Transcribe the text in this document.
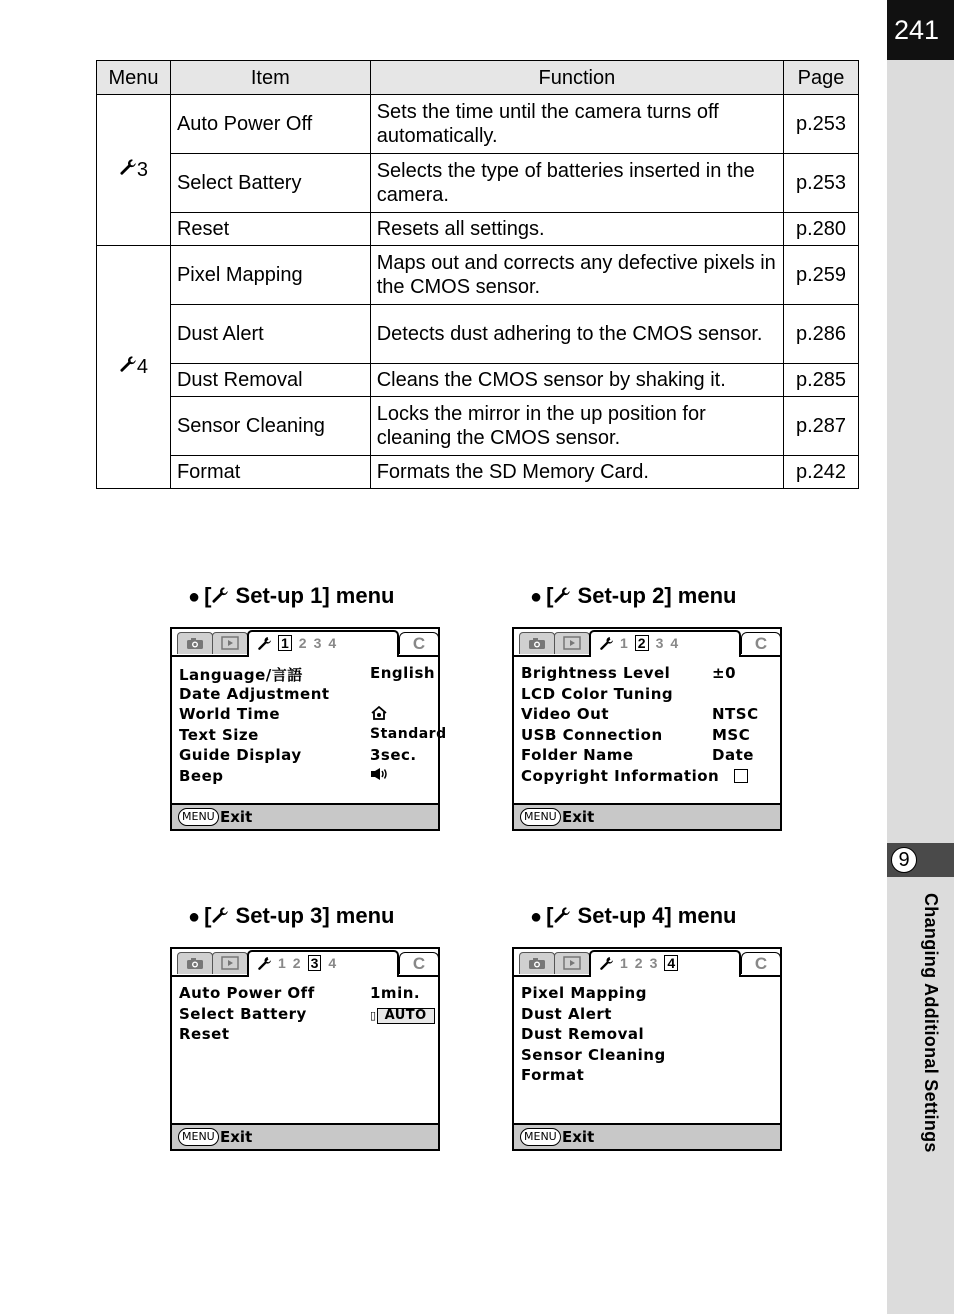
241
9
Changing Additional Settings
Menu	Item	Function	Page
3	Auto Power Off	Sets the time until the camera turns off automatically.	p.253
	Select Battery	Selects the type of batteries inserted in the camera.	p.253
	Reset	Resets all settings.	p.280
4	Pixel Mapping	Maps out and corrects any defective pixels in the CMOS sensor.	p.259
	Dust Alert	Detects dust adhering to the CMOS sensor.	p.286
	Dust Removal	Cleans the CMOS sensor by shaking it.	p.285
	Sensor Cleaning	Locks the mirror in the up position for cleaning the CMOS sensor.	p.287
	Format	Formats the SD Memory Card.	p.242
● [ Set-up 1] menu	● [ Set-up 2] menu
● [ Set-up 3] menu	● [ Set-up 4] menu
1 2 3 4	C
Language/言語	English
Date Adjustment
World Time
Text Size	Standard
Guide Display	3sec.
Beep
MENU Exit
1 2 3 4	C
Brightness Level	±0
LCD Color Tuning
Video Out	NTSC
USB Connection	MSC
Folder Name	Date
Copyright Information
MENU Exit
1 2 3 4	C
Auto Power Off	1min.
Select Battery	▯ AUTO
Reset
MENU Exit
1 2 3 4	C
Pixel Mapping
Dust Alert
Dust Removal
Sensor Cleaning
Format
MENU Exit
